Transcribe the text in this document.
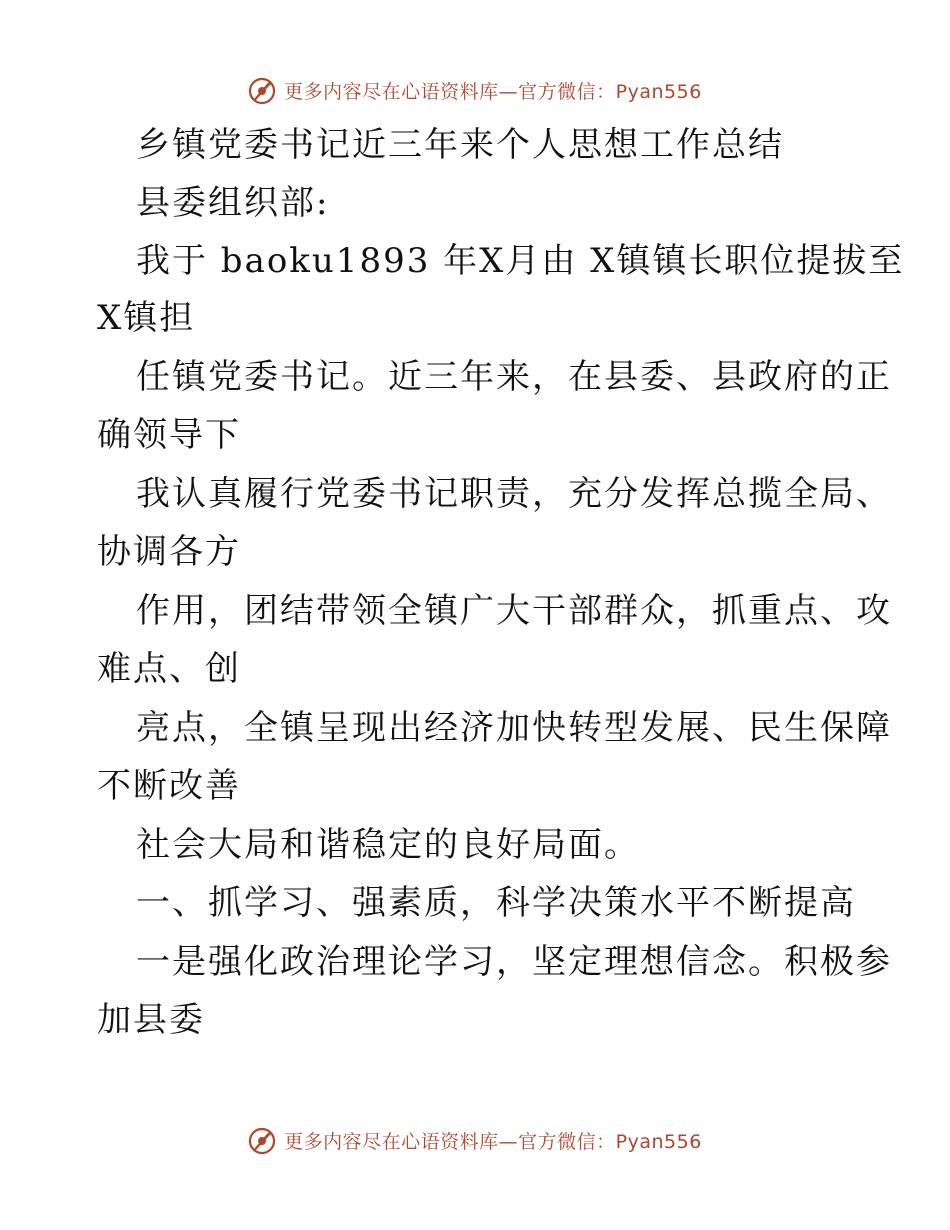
更多内容尽在心语资料库—官方微信：Pyan556
乡镇党委书记近三年来个人思想工作总结
县委组织部:
我于 baoku1893 年X月由 X镇镇长职位提拔至
X镇担
任镇党委书记。近三年来，在县委、县政府的正
确领导下
我认真履行党委书记职责，充分发挥总揽全局、
协调各方
作用，团结带领全镇广大干部群众，抓重点、攻
难点、创
亮点，全镇呈现出经济加快转型发展、民生保障
不断改善
社会大局和谐稳定的良好局面。
一、抓学习、强素质，科学决策水平不断提高
一是强化政治理论学习，坚定理想信念。积极参
加县委
更多内容尽在心语资料库—官方微信：Pyan556
